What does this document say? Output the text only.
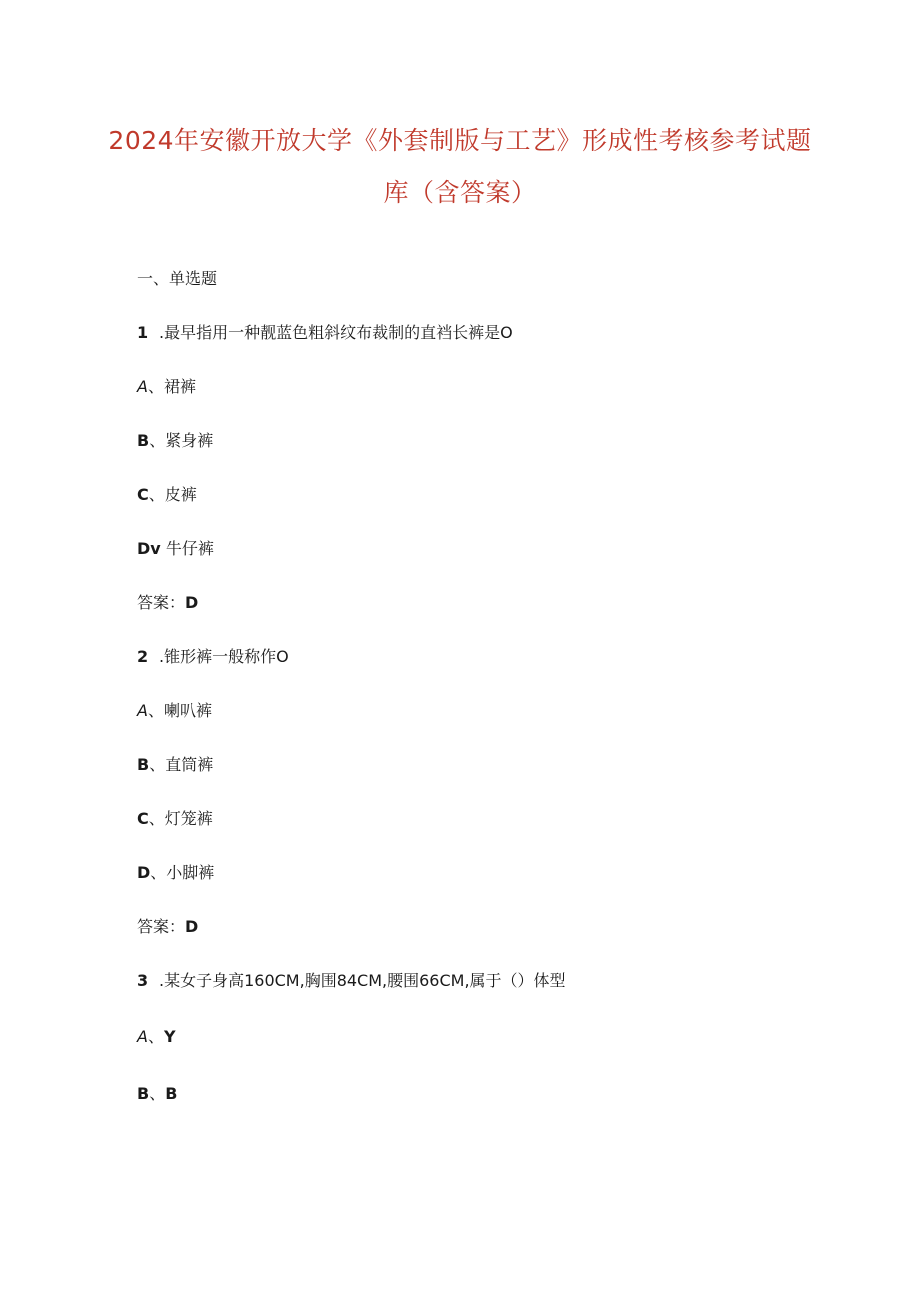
2024年安徽开放大学《外套制版与工艺》形成性考核参考试题
库（含答案）
一、单选题
1 .最早指用一种靓蓝色粗斜纹布裁制的直裆长裤是O
A、裙裤
B、紧身裤
C、皮裤
Dv 牛仔裤
答案：D
2 .锥形裤一般称作O
A、喇叭裤
B、直筒裤
C、灯笼裤
D、小脚裤
答案：D
3 .某女子身高160CM,胸围84CM,腰围66CM,属于（）体型
A、Y
B、B
